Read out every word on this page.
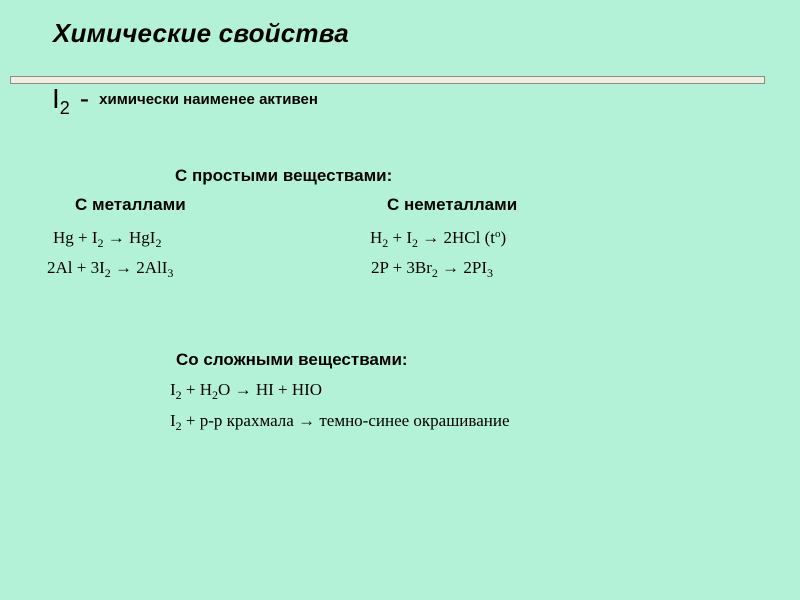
Химические свойства
$I_2$ - химически наименее активен
С простыми веществами:
С металлами	С неметаллами
$Hg + I_2 \to HgI_2$
$2Al + 3I_2 \to 2AlI_3$
$H_2 + I_2 \to 2HCl$ $(t^o)$
$2P + 3Br_2 \to 2PI_3$
Со сложными веществами:
$I_2 + H_2O$ → HI + HIO
$I_2 + р-р$ крахмала → темно-синее окрашивание
